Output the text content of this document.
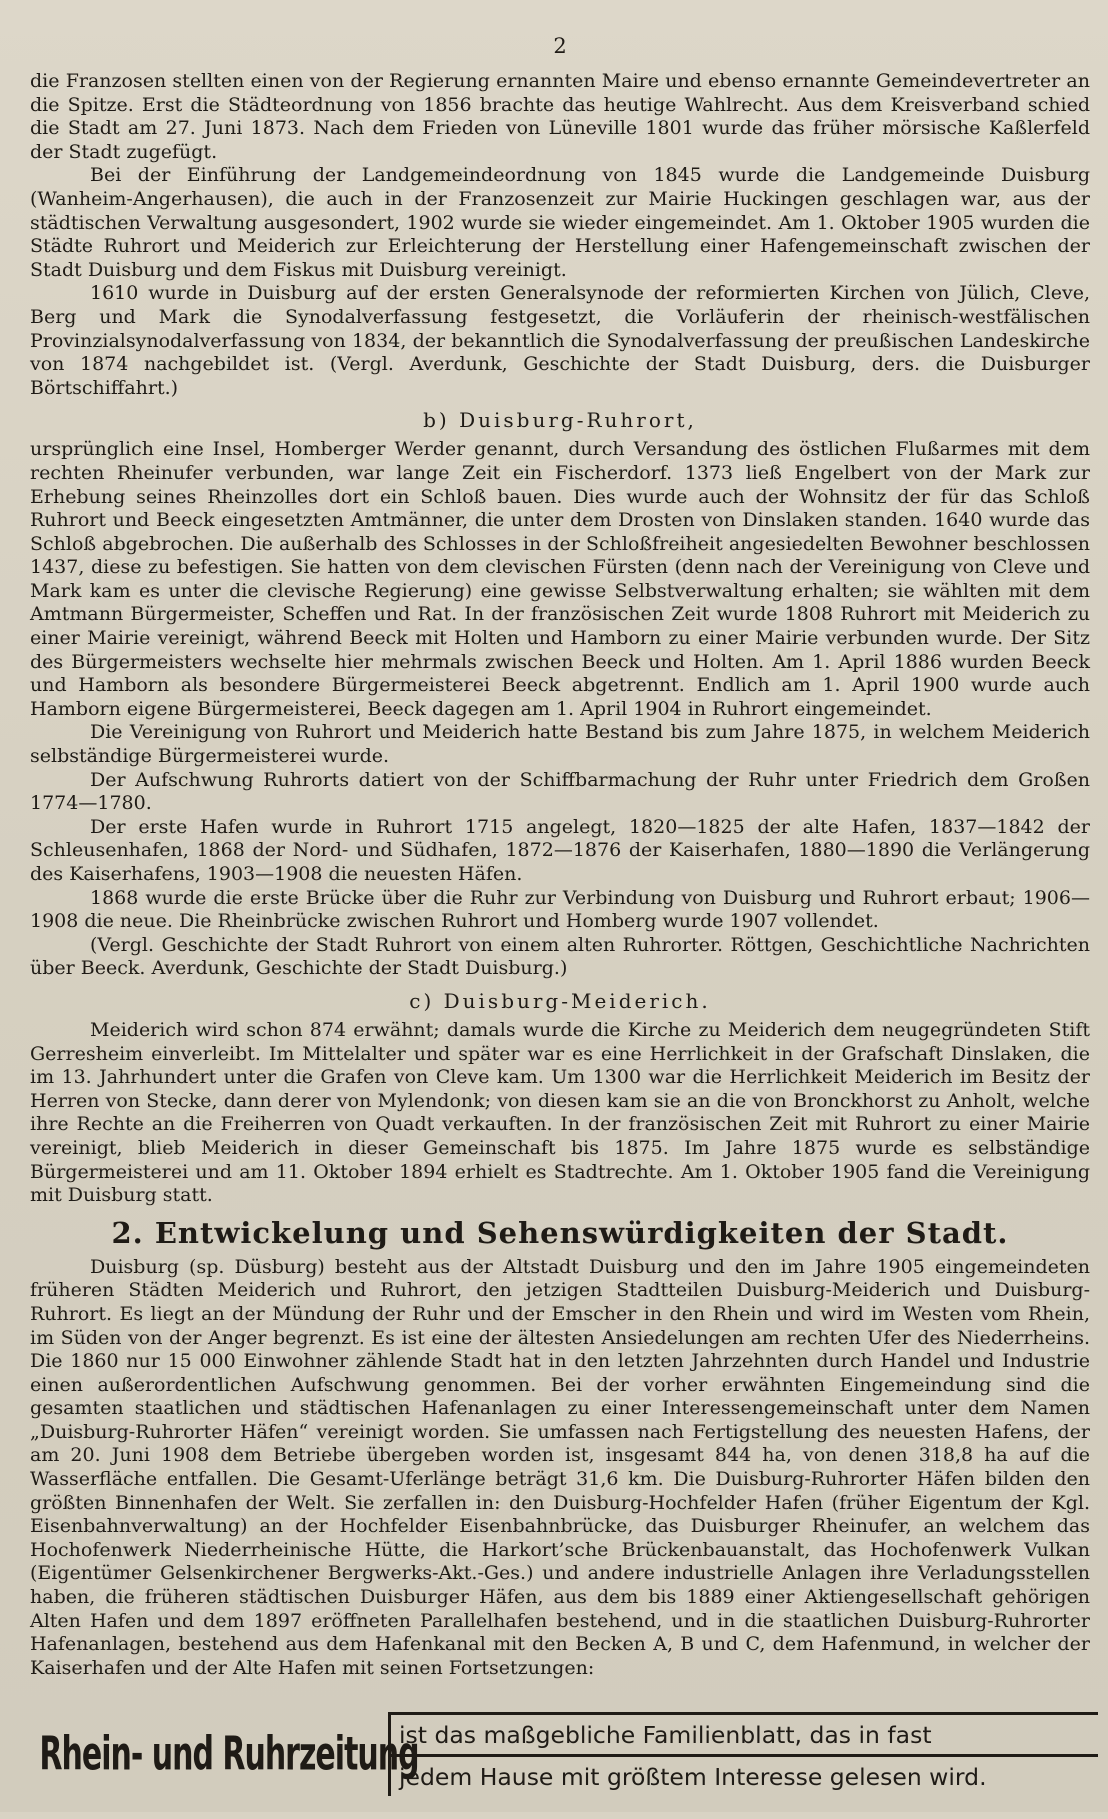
2

die Franzosen stellten einen von der Regierung ernannten Maire und ebenso ernannte Gemeindevertreter an die Spitze. Erst die Städteordnung von 1856 brachte das heutige Wahlrecht. Aus dem Kreisverband schied die Stadt am 27. Juni 1873. Nach dem Frieden von Lüneville 1801 wurde das früher mörsische Kaßlerfeld der Stadt zugefügt.

Bei der Einführung der Landgemeindeordnung von 1845 wurde die Landgemeinde Duisburg (Wanheim-Angerhausen), die auch in der Franzosenzeit zur Mairie Huckingen geschlagen war, aus der städtischen Verwaltung ausgesondert, 1902 wurde sie wieder eingemeindet. Am 1. Oktober 1905 wurden die Städte Ruhrort und Meiderich zur Erleichterung der Herstellung einer Hafengemeinschaft zwischen der Stadt Duisburg und dem Fiskus mit Duisburg vereinigt.

1610 wurde in Duisburg auf der ersten Generalsynode der reformierten Kirchen von Jülich, Cleve, Berg und Mark die Synodalverfassung festgesetzt, die Vorläuferin der rheinisch-westfälischen Provinzialsynodalverfassung von 1834, der bekanntlich die Synodalverfassung der preußischen Landeskirche von 1874 nachgebildet ist. (Vergl. Averdunk, Geschichte der Stadt Duisburg, ders. die Duisburger Börtschiffahrt.)

b) Duisburg-Ruhrort,

ursprünglich eine Insel, Homberger Werder genannt, durch Versandung des östlichen Flußarmes mit dem rechten Rheinufer verbunden, war lange Zeit ein Fischerdorf. 1373 ließ Engelbert von der Mark zur Erhebung seines Rheinzolles dort ein Schloß bauen. Dies wurde auch der Wohnsitz der für das Schloß Ruhrort und Beeck eingesetzten Amtmänner, die unter dem Drosten von Dinslaken standen. 1640 wurde das Schloß abgebrochen. Die außerhalb des Schlosses in der Schloßfreiheit angesiedelten Bewohner beschlossen 1437, diese zu befestigen. Sie hatten von dem clevischen Fürsten (denn nach der Vereinigung von Cleve und Mark kam es unter die clevische Regierung) eine gewisse Selbstverwaltung erhalten; sie wählten mit dem Amtmann Bürgermeister, Scheffen und Rat. In der französischen Zeit wurde 1808 Ruhrort mit Meiderich zu einer Mairie vereinigt, während Beeck mit Holten und Hamborn zu einer Mairie verbunden wurde. Der Sitz des Bürgermeisters wechselte hier mehrmals zwischen Beeck und Holten. Am 1. April 1886 wurden Beeck und Hamborn als besondere Bürgermeisterei Beeck abgetrennt. Endlich am 1. April 1900 wurde auch Hamborn eigene Bürgermeisterei, Beeck dagegen am 1. April 1904 in Ruhrort eingemeindet.

Die Vereinigung von Ruhrort und Meiderich hatte Bestand bis zum Jahre 1875, in welchem Meiderich selbständige Bürgermeisterei wurde.

Der Aufschwung Ruhrorts datiert von der Schiffbarmachung der Ruhr unter Friedrich dem Großen 1774—1780.

Der erste Hafen wurde in Ruhrort 1715 angelegt, 1820—1825 der alte Hafen, 1837—1842 der Schleusenhafen, 1868 der Nord- und Südhafen, 1872—1876 der Kaiserhafen, 1880—1890 die Verlängerung des Kaiserhafens, 1903—1908 die neuesten Häfen.

1868 wurde die erste Brücke über die Ruhr zur Verbindung von Duisburg und Ruhrort erbaut; 1906—1908 die neue. Die Rheinbrücke zwischen Ruhrort und Homberg wurde 1907 vollendet.

(Vergl. Geschichte der Stadt Ruhrort von einem alten Ruhrorter. Röttgen, Geschichtliche Nachrichten über Beeck. Averdunk, Geschichte der Stadt Duisburg.)

c) Duisburg-Meiderich.

Meiderich wird schon 874 erwähnt; damals wurde die Kirche zu Meiderich dem neugegründeten Stift Gerresheim einverleibt. Im Mittelalter und später war es eine Herrlichkeit in der Grafschaft Dinslaken, die im 13. Jahrhundert unter die Grafen von Cleve kam. Um 1300 war die Herrlichkeit Meiderich im Besitz der Herren von Stecke, dann derer von Mylendonk; von diesen kam sie an die von Bronckhorst zu Anholt, welche ihre Rechte an die Freiherren von Quadt verkauften. In der französischen Zeit mit Ruhrort zu einer Mairie vereinigt, blieb Meiderich in dieser Gemeinschaft bis 1875. Im Jahre 1875 wurde es selbständige Bürgermeisterei und am 11. Oktober 1894 erhielt es Stadtrechte. Am 1. Oktober 1905 fand die Vereinigung mit Duisburg statt.

2. Entwickelung und Sehenswürdigkeiten der Stadt.

Duisburg (sp. Düsburg) besteht aus der Altstadt Duisburg und den im Jahre 1905 eingemeindeten früheren Städten Meiderich und Ruhrort, den jetzigen Stadtteilen Duisburg-Meiderich und Duisburg-Ruhrort. Es liegt an der Mündung der Ruhr und der Emscher in den Rhein und wird im Westen vom Rhein, im Süden von der Anger begrenzt. Es ist eine der ältesten Ansiedelungen am rechten Ufer des Niederrheins. Die 1860 nur 15 000 Einwohner zählende Stadt hat in den letzten Jahrzehnten durch Handel und Industrie einen außerordentlichen Aufschwung genommen. Bei der vorher erwähnten Eingemeindung sind die gesamten staatlichen und städtischen Hafenanlagen zu einer Interessengemeinschaft unter dem Namen „Duisburg-Ruhrorter Häfen“ vereinigt worden. Sie umfassen nach Fertigstellung des neuesten Hafens, der am 20. Juni 1908 dem Betriebe übergeben worden ist, insgesamt 844 ha, von denen 318,8 ha auf die Wasserfläche entfallen. Die Gesamt-Uferlänge beträgt 31,6 km. Die Duisburg-Ruhrorter Häfen bilden den größten Binnenhafen der Welt. Sie zerfallen in: den Duisburg-Hochfelder Hafen (früher Eigentum der Kgl. Eisenbahnverwaltung) an der Hochfelder Eisenbahnbrücke, das Duisburger Rheinufer, an welchem das Hochofenwerk Niederrheinische Hütte, die Harkort’sche Brückenbauanstalt, das Hochofenwerk Vulkan (Eigentümer Gelsenkirchener Bergwerks-Akt.-Ges.) und andere industrielle Anlagen ihre Verladungsstellen haben, die früheren städtischen Duisburger Häfen, aus dem bis 1889 einer Aktiengesellschaft gehörigen Alten Hafen und dem 1897 eröffneten Parallelhafen bestehend, und in die staatlichen Duisburg-Ruhrorter Hafenanlagen, bestehend aus dem Hafenkanal mit den Becken A, B und C, dem Hafenmund, in welcher der Kaiserhafen und der Alte Hafen mit seinen Fortsetzungen:

Rhein- und Ruhrzeitung
ist das maßgebliche Familienblatt, das in fast
jedem Hause mit größtem Interesse gelesen wird.
